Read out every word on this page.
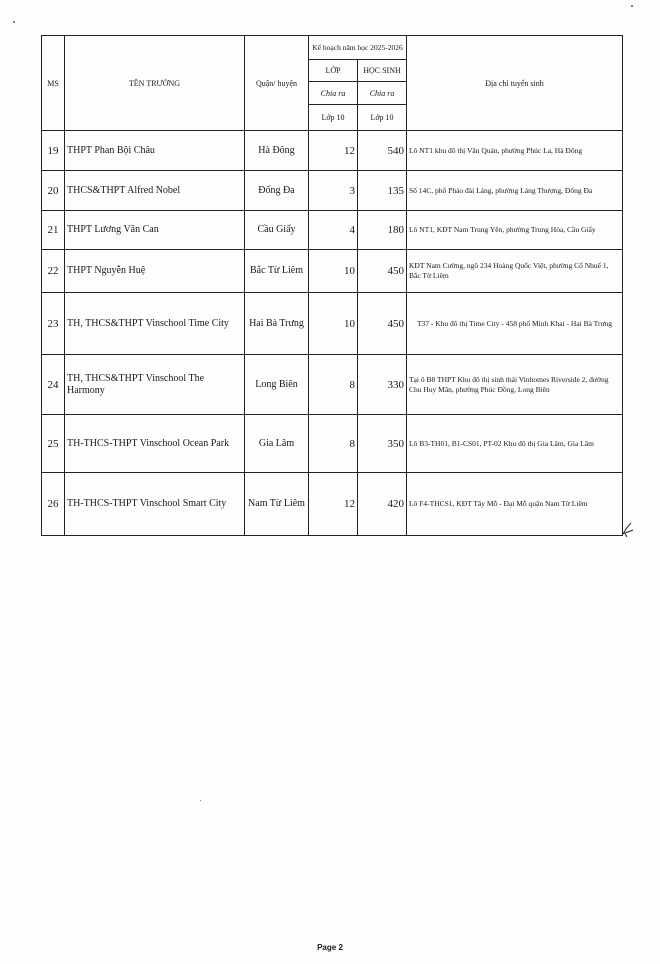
MS	TÊN TRƯỜNG	Quận/ huyện	Kế hoạch năm học 2025-2026		Địa chỉ tuyển sinh
			LỚP	HỌC SINH	
			Chia ra	Chia ra	
			Lớp 10	Lớp 10	
19	THPT Phan Bội Châu	Hà Đông	12	540	Lô NT1 khu đô thị Văn Quán, phường Phúc La, Hà Đông
20	THCS&THPT Alfred Nobel	Đống Đa	3	135	Số 14C, phố Pháo đài Láng, phường Láng Thượng, Đống Đa
21	THPT Lương Văn Can	Cầu Giấy	4	180	Lô NT1, KĐT Nam Trung Yên, phường Trung Hòa, Cầu Giấy
22	THPT Nguyễn Huệ	Bắc Từ Liêm	10	450	KĐT Nam Cường, ngõ 234 Hoàng Quốc Việt, phường Cổ Nhuế 1, Bắc Từ Liêm
23	TH, THCS&THPT Vinschool Time City	Hai Bà Trưng	10	450	T37 - Khu đô thị Time City - 458 phố Minh Khai - Hai Bà Trưng
24	TH, THCS&THPT Vinschool The Harmony	Long Biên	8	330	Tại ô B8 THPT Khu đô thị sinh thái Vinhomes Riverside 2, đường Chu Huy Mân, phường Phúc Đồng, Long Biên
25	TH-THCS-THPT Vinschool Ocean Park	Gia Lâm	8	350	Lô B3-TH01, B1-CS01, PT-02 Khu đô thị Gia Lâm, Gia Lâm
26	TH-THCS-THPT Vinschool Smart City	Nam Từ Liêm	12	420	Lô F4-THCS1, KĐT Tây Mỗ - Đại Mỗ quận Nam Từ Liêm
Page 2
